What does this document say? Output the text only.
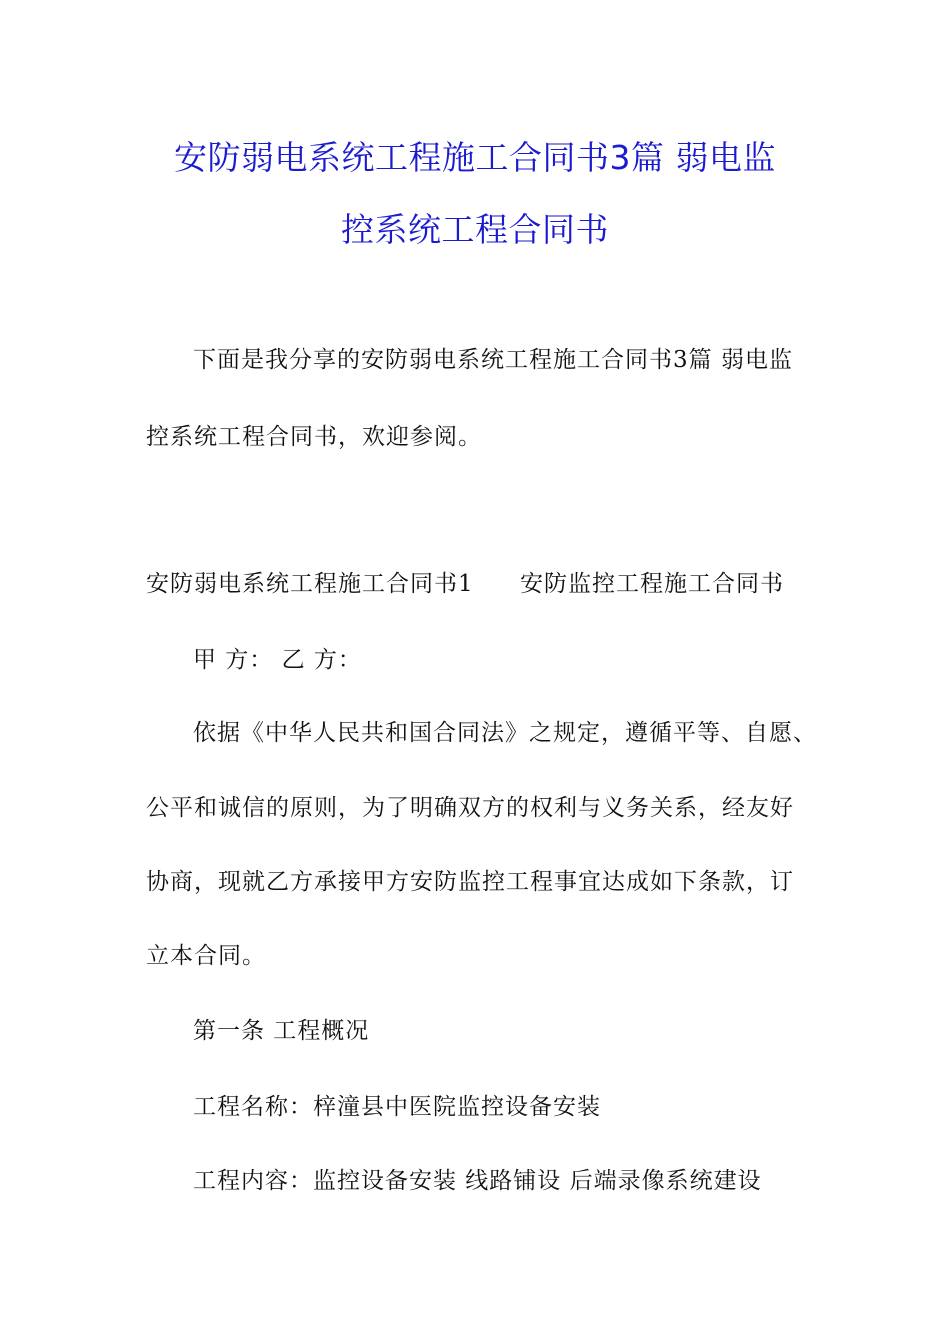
安防弱电系统工程施工合同书3篇 弱电监
控系统工程合同书
下面是我分享的安防弱电系统工程施工合同书3篇 弱电监
控系统工程合同书，欢迎参阅。
安防弱电系统工程施工合同书1 安防监控工程施工合同书
甲 方： 乙 方：
依据《中华人民共和国合同法》之规定，遵循平等、自愿、
公平和诚信的原则，为了明确双方的权利与义务关系，经友好
协商，现就乙方承接甲方安防监控工程事宜达成如下条款，订
立本合同。
第一条 工程概况
工程名称：梓潼县中医院监控设备安装
工程内容：监控设备安装 线路铺设 后端录像系统建设
